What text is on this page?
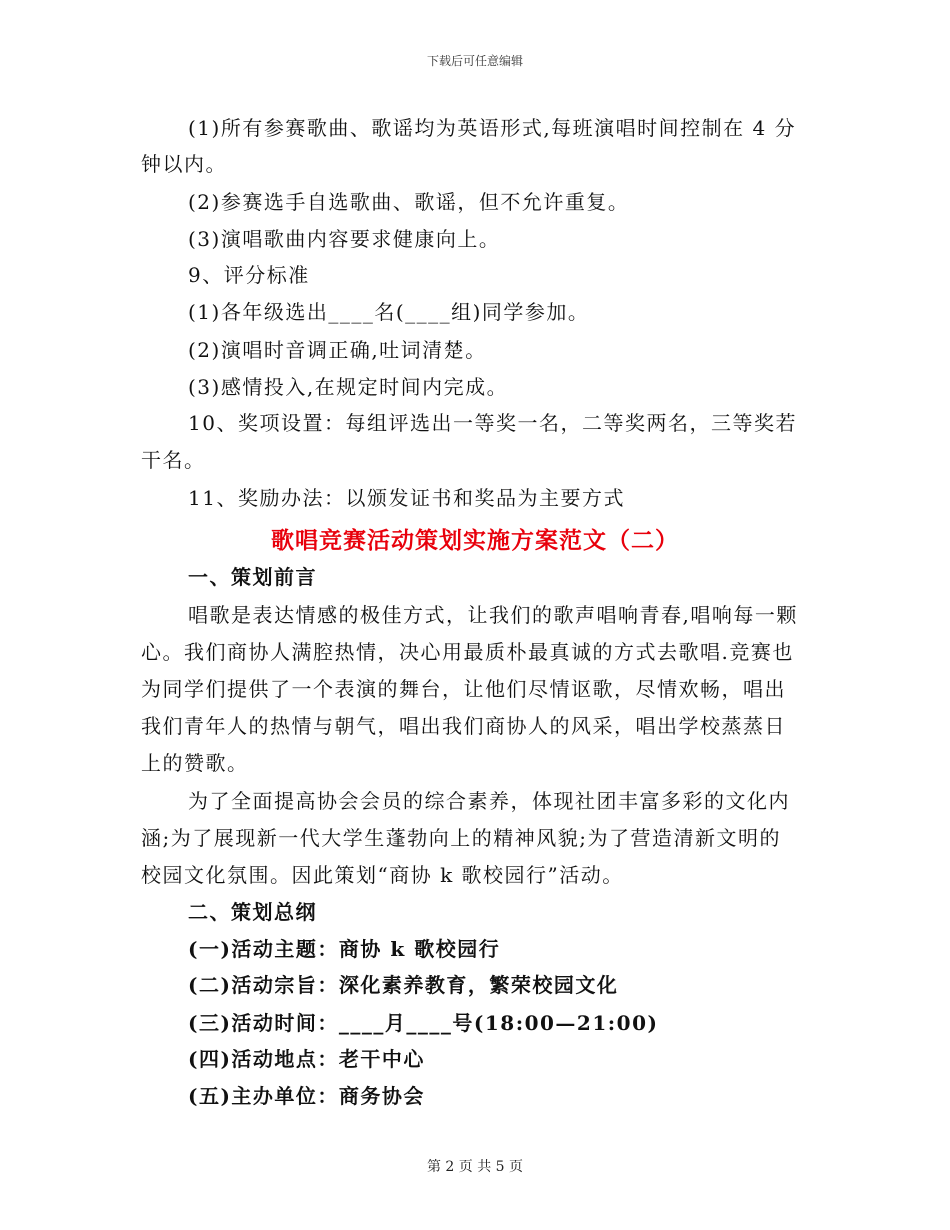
下载后可任意编辑
(1)所有参赛歌曲、歌谣均为英语形式,每班演唱时间控制在 4 分
钟以内。
(2)参赛选手自选歌曲、歌谣，但不允许重复。
(3)演唱歌曲内容要求健康向上。
9、评分标准
(1)各年级选出____名(____组)同学参加。
(2)演唱时音调正确,吐词清楚。
(3)感情投入,在规定时间内完成。
10、奖项设置：每组评选出一等奖一名，二等奖两名，三等奖若
干名。
11、奖励办法：以颁发证书和奖品为主要方式
一、策划前言
唱歌是表达情感的极佳方式，让我们的歌声唱响青春,唱响每一颗
心。我们商协人满腔热情，决心用最质朴最真诚的方式去歌唱.竞赛也
为同学们提供了一个表演的舞台，让他们尽情讴歌，尽情欢畅，唱出
我们青年人的热情与朝气，唱出我们商协人的风采，唱出学校蒸蒸日
上的赞歌。
为了全面提高协会会员的综合素养，体现社团丰富多彩的文化内
涵;为了展现新一代大学生蓬勃向上的精神风貌;为了营造清新文明的
校园文化氛围。因此策划“商协 k 歌校园行”活动。
二、策划总纲
(一)活动主题：商协 k 歌校园行
(二)活动宗旨：深化素养教育，繁荣校园文化
(三)活动时间：____月____号(18:00—21:00)
(四)活动地点：老干中心
(五)主办单位：商务协会
歌唱竞赛活动策划实施方案范文（二）
第 2 页 共 5 页
